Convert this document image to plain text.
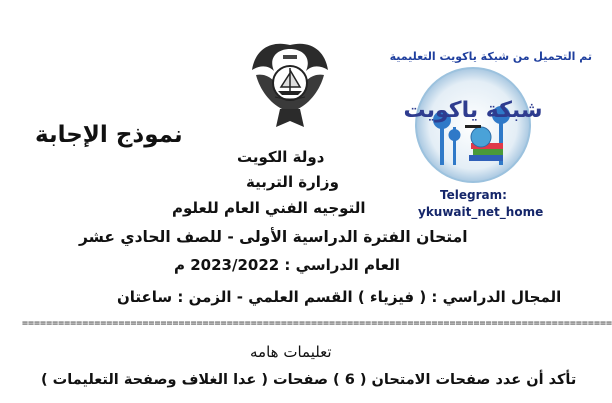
تم التحميل من شبكة ياكويت التعليمية
شبكة ياكويت
Telegram:
ykuwait_net_home
نموذج الإجابة
دولة الكويت
وزارة التربية
التوجيه الفني العام للعلوم
امتحان الفترة الدراسية الأولى - للصف الحادي عشر
العام الدراسي : 2023/2022 م
المجال الدراسي : ( فيزياء ) القسم العلمي - الزمن : ساعتان
==================================================================================================
تعليمات هامه
تأكد أن عدد صفحات الامتحان ( 6 ) صفحات ( عدا الغلاف وصفحة التعليمات )
